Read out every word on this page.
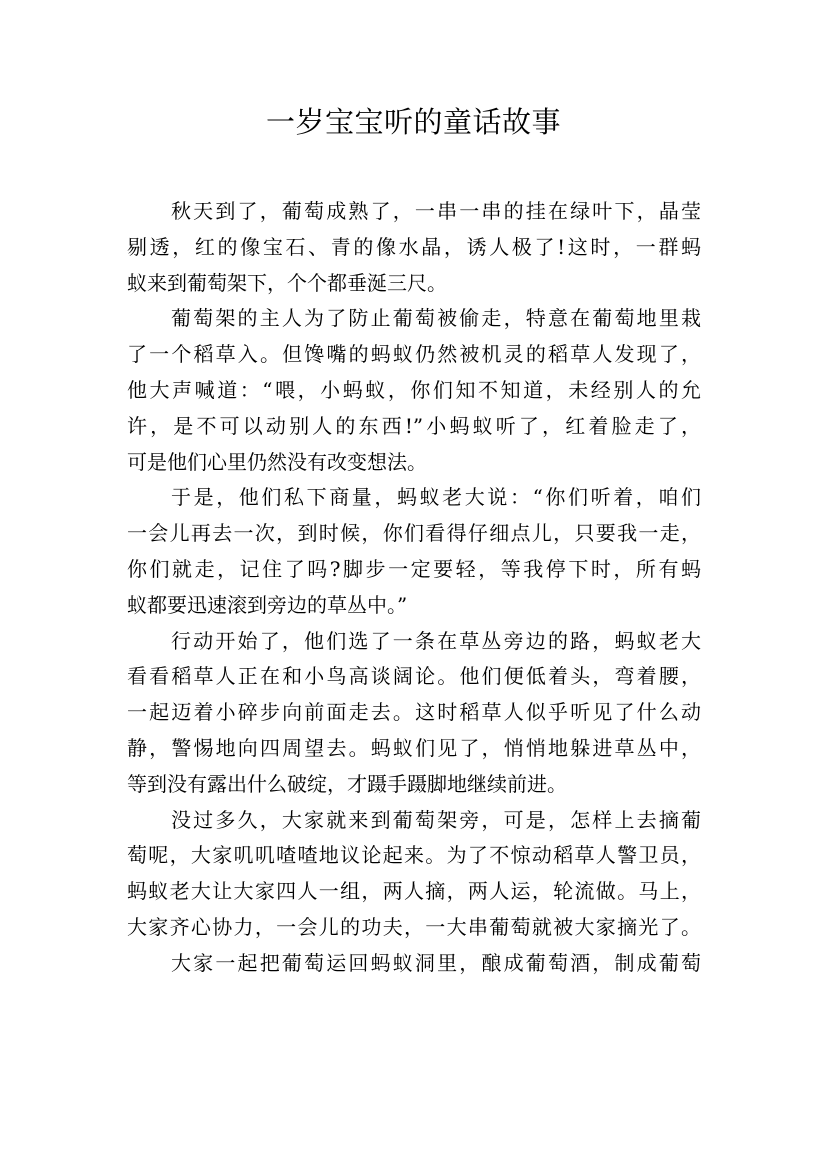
一岁宝宝听的童话故事
秋天到了，葡萄成熟了，一串一串的挂在绿叶下，晶莹
剔透，红的像宝石、青的像水晶，诱人极了!这时，一群蚂
蚁来到葡萄架下，个个都垂涎三尺。
葡萄架的主人为了防止葡萄被偷走，特意在葡萄地里栽
了一个稻草入。但馋嘴的蚂蚁仍然被机灵的稻草人发现了，
他大声喊道：“喂，小蚂蚁，你们知不知道，未经别人的允
许，是不可以动别人的东西!”小蚂蚁听了，红着脸走了，
可是他们心里仍然没有改变想法。
于是，他们私下商量，蚂蚁老大说：“你们听着，咱们
一会儿再去一次，到时候，你们看得仔细点儿，只要我一走，
你们就走，记住了吗?脚步一定要轻，等我停下时，所有蚂
蚁都要迅速滚到旁边的草丛中。”
行动开始了，他们选了一条在草丛旁边的路，蚂蚁老大
看看稻草人正在和小鸟高谈阔论。他们便低着头，弯着腰，
一起迈着小碎步向前面走去。这时稻草人似乎听见了什么动
静，警惕地向四周望去。蚂蚁们见了，悄悄地躲进草丛中，
等到没有露出什么破绽，才蹑手蹑脚地继续前进。
没过多久，大家就来到葡萄架旁，可是，怎样上去摘葡
萄呢，大家叽叽喳喳地议论起来。为了不惊动稻草人警卫员，
蚂蚁老大让大家四人一组，两人摘，两人运，轮流做。马上，
大家齐心协力，一会儿的功夫，一大串葡萄就被大家摘光了。
大家一起把葡萄运回蚂蚁洞里，酿成葡萄酒，制成葡萄
